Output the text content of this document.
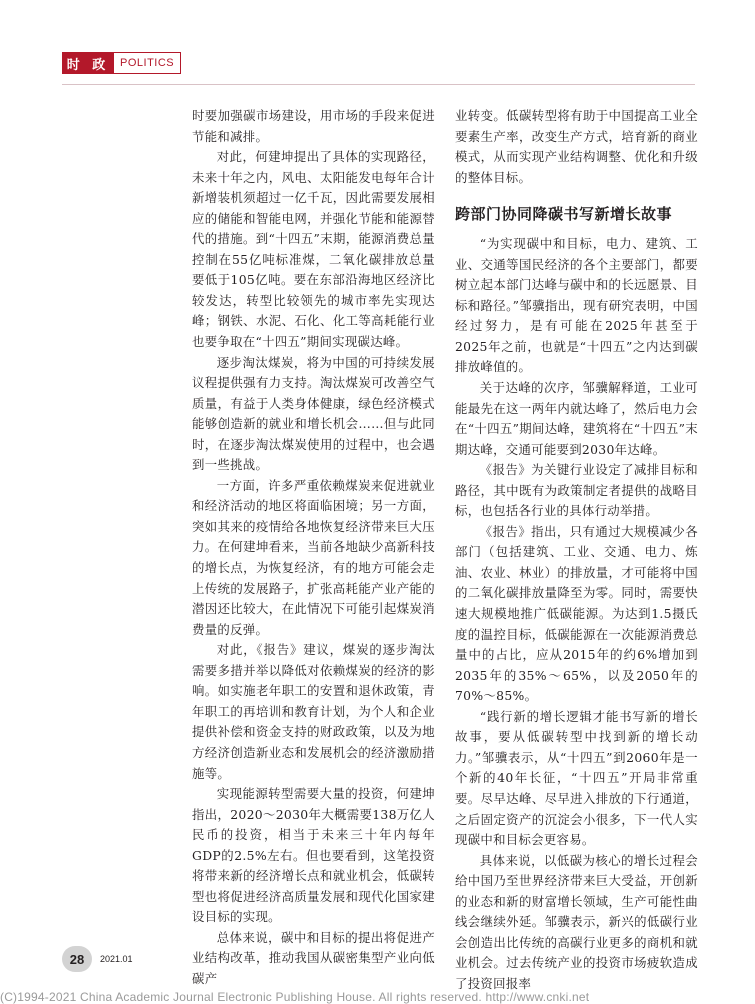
时 政 POLITICS

时要加强碳市场建设，用市场的手段来促进节能和减排。

对此，何建坤提出了具体的实现路径，未来十年之内，风电、太阳能发电每年合计新增装机须超过一亿千瓦，因此需要发展相应的储能和智能电网，并强化节能和能源替代的措施。到“十四五”末期，能源消费总量控制在55亿吨标准煤，二氧化碳排放总量要低于105亿吨。要在东部沿海地区经济比较发达，转型比较领先的城市率先实现达峰；钢铁、水泥、石化、化工等高耗能行业也要争取在“十四五”期间实现碳达峰。

逐步淘汰煤炭，将为中国的可持续发展议程提供强有力支持。淘汰煤炭可改善空气质量，有益于人类身体健康，绿色经济模式能够创造新的就业和增长机会……但与此同时，在逐步淘汰煤炭使用的过程中，也会遇到一些挑战。

一方面，许多严重依赖煤炭来促进就业和经济活动的地区将面临困境；另一方面，突如其来的疫情给各地恢复经济带来巨大压力。在何建坤看来，当前各地缺少高新科技的增长点，为恢复经济，有的地方可能会走上传统的发展路子，扩张高耗能产业产能的潜因还比较大，在此情况下可能引起煤炭消费量的反弹。

对此，《报告》建议，煤炭的逐步淘汰需要多措并举以降低对依赖煤炭的经济的影响。如实施老年职工的安置和退休政策，青年职工的再培训和教育计划，为个人和企业提供补偿和资金支持的财政政策，以及为地方经济创造新业态和发展机会的经济激励措施等。

实现能源转型需要大量的投资，何建坤指出，2020～2030年大概需要138万亿人民币的投资，相当于未来三十年内每年GDP的2.5%左右。但也要看到，这笔投资将带来新的经济增长点和就业机会，低碳转型也将促进经济高质量发展和现代化国家建设目标的实现。

总体来说，碳中和目标的提出将促进产业结构改革，推动我国从碳密集型产业向低碳产

业转变。低碳转型将有助于中国提高工业全要素生产率，改变生产方式，培育新的商业模式，从而实现产业结构调整、优化和升级的整体目标。

跨部门协同降碳书写新增长故事

“为实现碳中和目标，电力、建筑、工业、交通等国民经济的各个主要部门，都要树立起本部门达峰与碳中和的长远愿景、目标和路径。”邹骥指出，现有研究表明，中国经过努力，是有可能在2025年甚至于2025年之前，也就是“十四五”之内达到碳排放峰值的。

关于达峰的次序，邹骥解释道，工业可能最先在这一两年内就达峰了，然后电力会在“十四五”期间达峰，建筑将在“十四五”末期达峰，交通可能要到2030年达峰。

《报告》为关键行业设定了减排目标和路径，其中既有为政策制定者提供的战略目标，也包括各行业的具体行动举措。

《报告》指出，只有通过大规模减少各部门（包括建筑、工业、交通、电力、炼油、农业、林业）的排放量，才可能将中国的二氧化碳排放量降至为零。同时，需要快速大规模地推广低碳能源。为达到1.5摄氏度的温控目标，低碳能源在一次能源消费总量中的占比，应从2015年的约6%增加到2035年的35%～65%，以及2050年的70%～85%。

“践行新的增长逻辑才能书写新的增长故事，要从低碳转型中找到新的增长动力。”邹骥表示，从“十四五”到2060年是一个新的40年长征，“十四五”开局非常重要。尽早达峰、尽早进入排放的下行通道，之后固定资产的沉淀会小很多，下一代人实现碳中和目标会更容易。

具体来说，以低碳为核心的增长过程会给中国乃至世界经济带来巨大受益，开创新的业态和新的财富增长领域，生产可能性曲线会继续外延。邹骥表示，新兴的低碳行业会创造出比传统的高碳行业更多的商机和就业机会。过去传统产业的投资市场疲软造成了投资回报率

28	2021.01
(C)1994-2021 China Academic Journal Electronic Publishing House. All rights reserved. http://www.cnki.net
